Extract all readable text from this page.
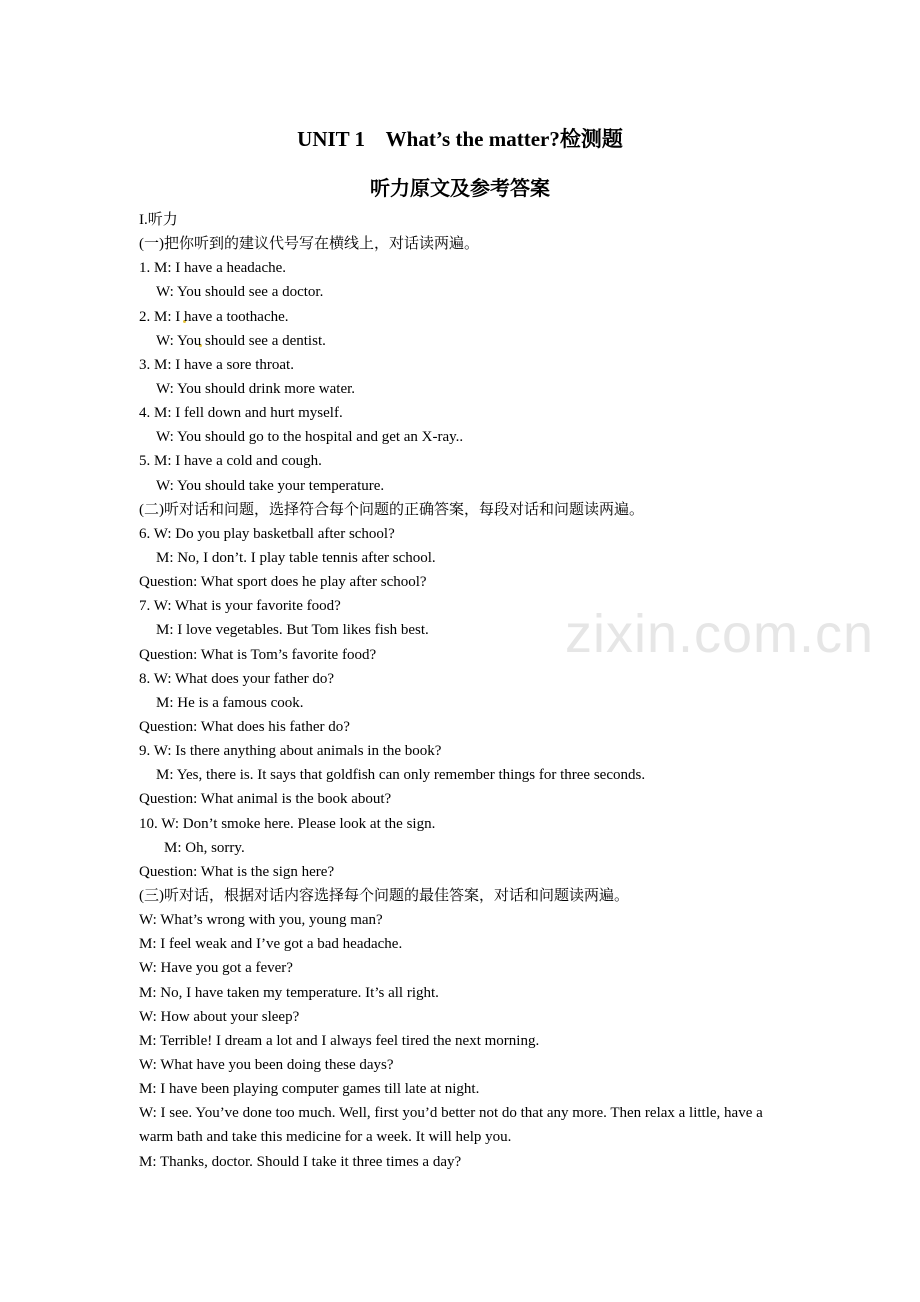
UNIT 1    What’s the matter?检测题
听力原文及参考答案
zixin.com.cn
I.听力
(一)把你听到的建议代号写在横线上，对话读两遍。
1. M: I have a headache.
W: You should see a doctor.
2. M: I have a toothache.
W: You should see a dentist.
3. M: I have a sore throat.
W: You should drink more water.
4. M: I fell down and hurt myself.
W: You should go to the hospital and get an X-ray..
5. M: I have a cold and cough.
W: You should take your temperature.
(二)听对话和问题，选择符合每个问题的正确答案，每段对话和问题读两遍。
6. W: Do you play basketball after school?
M: No, I don’t. I play table tennis after school.
Question: What sport does he play after school?
7. W: What is your favorite food?
M: I love vegetables. But Tom likes fish best.
Question: What is Tom’s favorite food?
8. W: What does your father do?
M: He is a famous cook.
Question: What does his father do?
9. W: Is there anything about animals in the book?
M: Yes, there is. It says that goldfish can only remember things for three seconds.
Question: What animal is the book about?
10. W: Don’t smoke here. Please look at the sign.
M: Oh, sorry.
Question: What is the sign here?
(三)听对话，根据对话内容选择每个问题的最佳答案，对话和问题读两遍。
W: What’s wrong with you, young man?
M: I feel weak and I’ve got a bad headache.
W: Have you got a fever?
M: No, I have taken my temperature. It’s all right.
W: How about your sleep?
M: Terrible! I dream a lot and I always feel tired the next morning.
W: What have you been doing these days?
M: I have been playing computer games till late at night.
W: I see. You’ve done too much. Well, first you’d better not do that any more. Then relax a little, have a warm bath and take this medicine for a week. It will help you.
M: Thanks, doctor. Should I take it three times a day?
